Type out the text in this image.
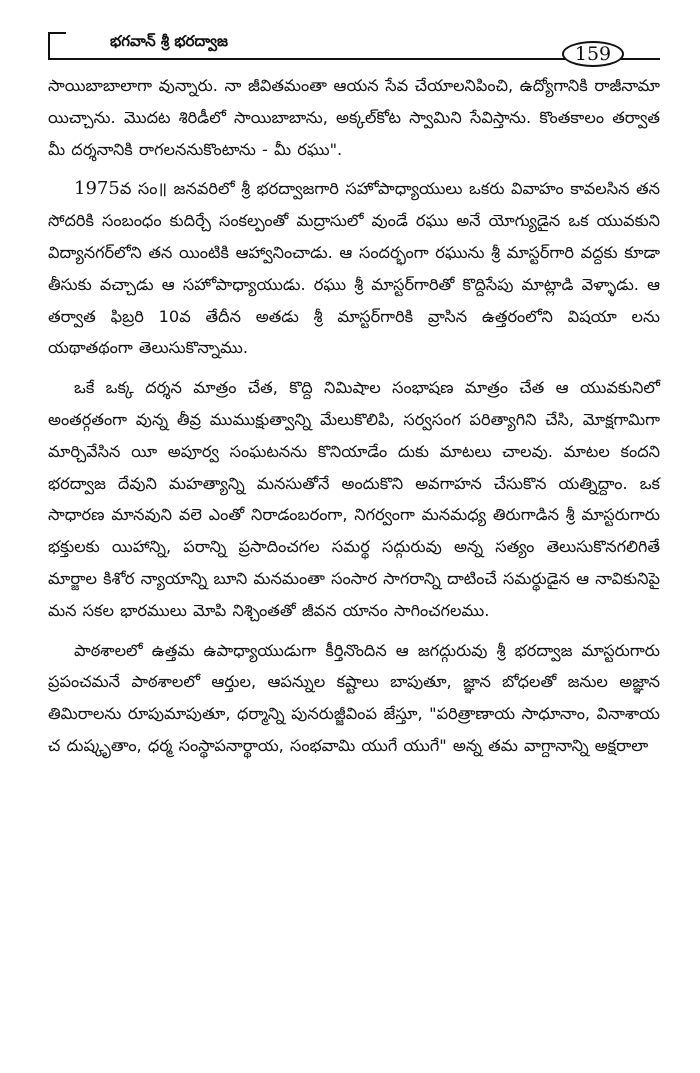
భగవాన్ శ్రీ భరద్వాజ
159

సాయిబాబాలాగా వున్నారు. నా జీవితమంతా ఆయన సేవ చేయాలనిపించి, ఉద్యోగానికి రాజీనామా యిచ్చాను. మొదట శిరిడీలో సాయిబాబాను, అక్కల్‌కోట స్వామిని సేవిస్తాను. కొంతకాలం తర్వాత మీ దర్శనానికి రాగలననుకొంటాను - మీ రఘు".

1975వ సం॥ జనవరిలో శ్రీ భరద్వాజగారి సహోపాధ్యాయులు ఒకరు వివాహం కావలసిన తన సోదరికి సంబంధం కుదిర్చే సంకల్పంతో మద్రాసులో వుండే రఘు అనే యోగ్యుడైన ఒక యువకుని విద్యానగర్‌లోని తన యింటికి ఆహ్వానించాడు. ఆ సందర్భంగా రఘును శ్రీ మాస్టర్‌గారి వద్దకు కూడా తీసుకు వచ్చాడు ఆ సహోపాధ్యాయుడు. రఘు శ్రీ మాస్టర్‌గారితో కొద్దిసేపు మాట్లాడి వెళ్ళాడు. ఆ తర్వాత ఫిబ్రరి 10వ తేదీన అతడు శ్రీ మాస్టర్‌గారికి వ్రాసిన ఉత్తరంలోని విషయా లను యథాతథంగా తెలుసుకొన్నాము.

ఒకే ఒక్క దర్శన మాత్రం చేత, కొద్ది నిమిషాల సంభాషణ మాత్రం చేత ఆ యువకునిలో అంతర్గతంగా వున్న తీవ్ర ముముక్షుత్వాన్ని మేలుకొలిపి, సర్వసంగ పరిత్యాగిని చేసి, మోక్షగామిగా మార్చివేసిన యీ అపూర్వ సంఘటనను కొనియాడేం దుకు మాటలు చాలవు. మాటల కందని భరద్వాజ దేవుని మహత్యాన్ని మనసుతోనే అందుకొని అవగాహన చేసుకొన యత్నిద్దాం. ఒక సాధారణ మానవుని వలె ఎంతో నిరాడంబరంగా, నిగర్వంగా మనమధ్య తిరుగాడిన శ్రీ మాస్టరుగారు భక్తులకు యిహాన్ని, పరాన్ని ప్రసాదించగల సమర్థ సద్గురువు అన్న సత్యం తెలుసుకొనగలిగితే మార్జాల కిశోర న్యాయాన్ని బూని మనమంతా సంసార సాగరాన్ని దాటించే సమర్థుడైన ఆ నావికునిపై మన సకల భారములు మోపి నిశ్చింతతో జీవన యానం సాగించగలము.

పాఠశాలలో ఉత్తమ ఉపాధ్యాయుడుగా కీర్తినొందిన ఆ జగద్గురువు శ్రీ భరద్వాజ మాస్టరుగారు ప్రపంచమనే పాఠశాలలో ఆర్తుల, ఆపన్నుల కష్టాలు బాపుతూ, జ్ఞాన బోధలతో జనుల అజ్ఞాన తిమిరాలను రూపుమాపుతూ, ధర్మాన్ని పునరుజ్జీవింప జేస్తూ, "పరిత్రాణాయ సాధూనాం, వినాశాయ చ దుష్కృతాం, ధర్మ సంస్థాపనార్థాయ, సంభవామి యుగే యుగే" అన్న తమ వాగ్దానాన్ని అక్షరాలా
